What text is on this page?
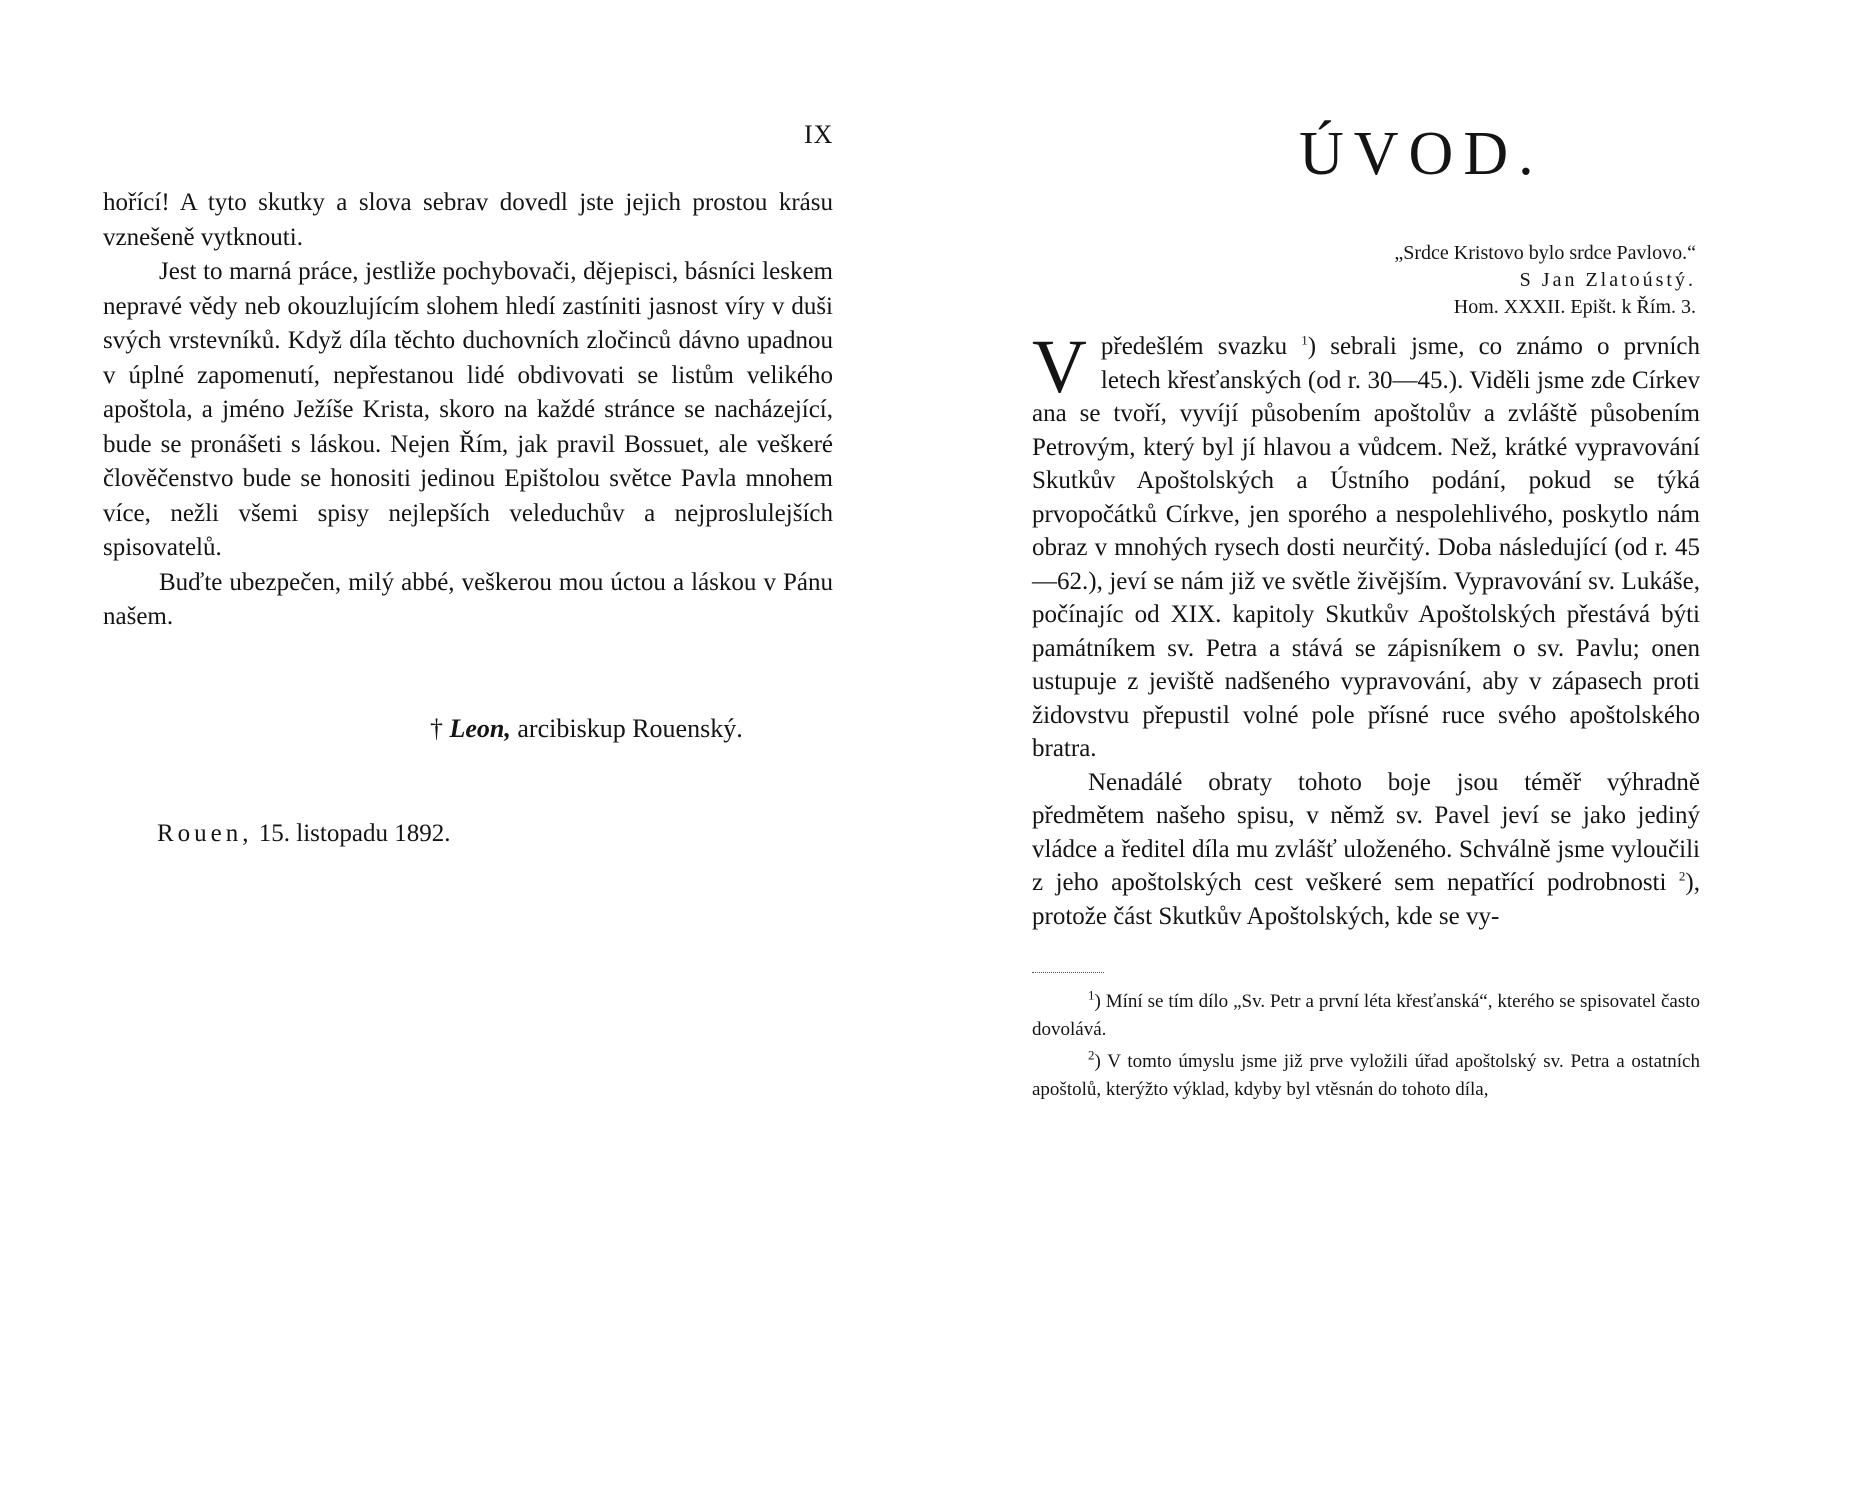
IX

hořící! A tyto skutky a slova sebrav dovedl jste jejich prostou krásu vznešeně vytknouti.

Jest to marná práce, jestliže pochybovači, dějepisci, básníci leskem nepravé vědy neb okouzlujícím slohem hledí zastíniti jasnost víry v duši svých vrstevníků. Když díla těchto duchovních zločinců dávno upadnou v úplné zapomenutí, nepřestanou lidé obdivovati se listům velikého apoštola, a jméno Ježíše Krista, skoro na každé stránce se nacházející, bude se pronášeti s láskou. Nejen Řím, jak pravil Bossuet, ale veškeré člověčenstvo bude se honositi jedinou Epištolou světce Pavla mnohem více, nežli všemi spisy nejlepších veleduchův a nejproslulejších spisovatelů.

Buďte ubezpečen, milý abbé, veškerou mou úctou a láskou v Pánu našem.

† Leon, arcibiskup Rouenský.
Rouen, 15. listopadu 1892.
ÚVOD.
„Srdce Kristovo bylo srdce Pavlovo.“
S Jan Zlatoústý.
Hom. XXXII. Epišt. k Řím. 3.

Vpředešlém svazku $^1$) sebrali jsme, co známo o prvních letech křesťanských (od r. 30—45.). Viděli jsme zde Církev ana se tvoří, vyvíjí působením apoštolův a zvláště působením Petrovým, který byl jí hlavou a vůdcem. Než, krátké vypravování Skutkův Apoštolských a Ústního podání, pokud se týká prvopočátků Církve, jen sporého a nespolehlivého, poskytlo nám obraz v mnohých rysech dosti neurčitý. Doba následující (od r. 45—62.), jeví se nám již ve světle živějším. Vypravování sv. Lukáše, počínajíc od XIX. kapitoly Skutkův Apoštolských přestává býti památníkem sv. Petra a stává se zápisníkem o sv. Pavlu; onen ustupuje z jeviště nadšeného vypravování, aby v zápasech proti židovstvu přepustil volné pole přísné ruce svého apoštolského bratra.

Nenadálé obraty tohoto boje jsou téměř výhradně předmětem našeho spisu, v němž sv. Pavel jeví se jako jediný vládce a ředitel díla mu zvlášť uloženého. Schválně jsme vyloučili z jeho apoštolských cest veškeré sem nepatřící podrobnosti $^2$), protože část Skutkův Apoštolských, kde se vy-

$^1$) Míní se tím dílo „Sv. Petr a první léta křesťanská“, kterého se spisovatel často dovolává.

$^2$) V tomto úmyslu jsme již prve vyložili úřad apoštolský sv. Petra a ostatních apoštolů, kterýžto výklad, kdyby byl vtěsnán do tohoto díla,
